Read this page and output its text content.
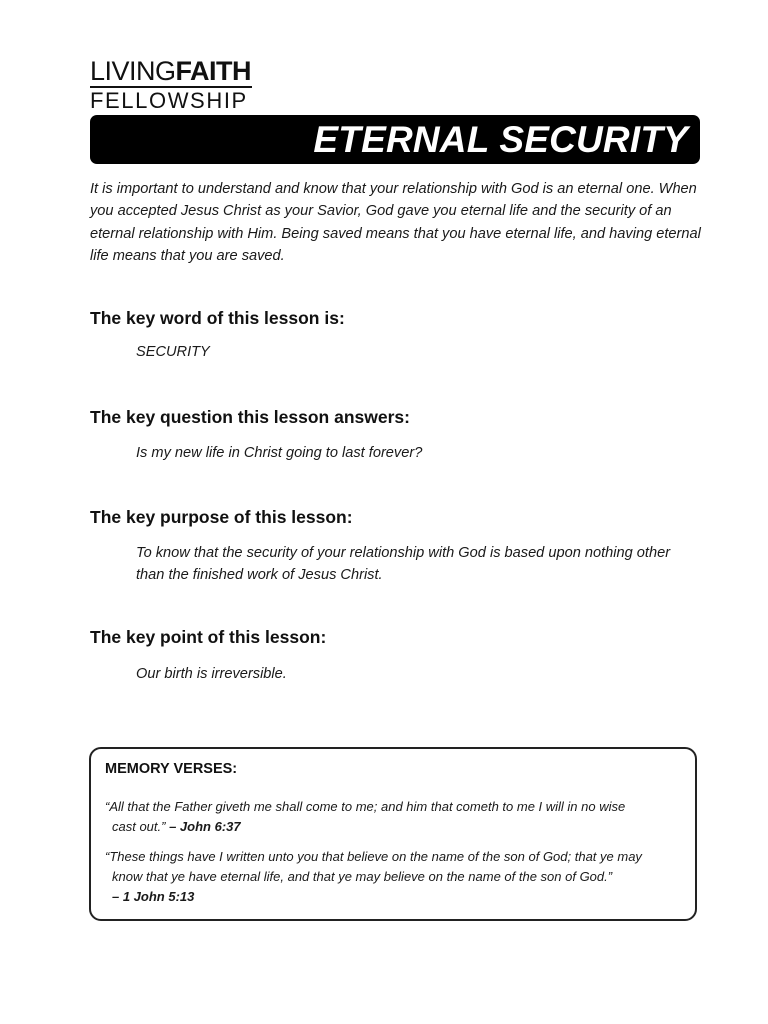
LIVINGFAITH
FELLOWSHIP
ETERNAL SECURITY
It is important to understand and know that your relationship with God is an eternal one. When you accepted Jesus Christ as your Savior, God gave you eternal life and the security of an eternal relationship with Him. Being saved means that you have eternal life, and having eternal life means that you are saved.
The key word of this lesson is:

SECURITY

The key question this lesson answers:

Is my new life in Christ going to last forever?

The key purpose of this lesson:

To know that the security of your relationship with God is based upon nothing other than the finished work of Jesus Christ.

The key point of this lesson:

Our birth is irreversible.

MEMORY VERSES:
“All that the Father giveth me shall come to me; and him that cometh to me I will in no wise
cast out.” – John 6:37
“These things have I written unto you that believe on the name of the son of God; that ye may
know that ye have eternal life, and that ye may believe on the name of the son of God.”
– 1 John 5:13
